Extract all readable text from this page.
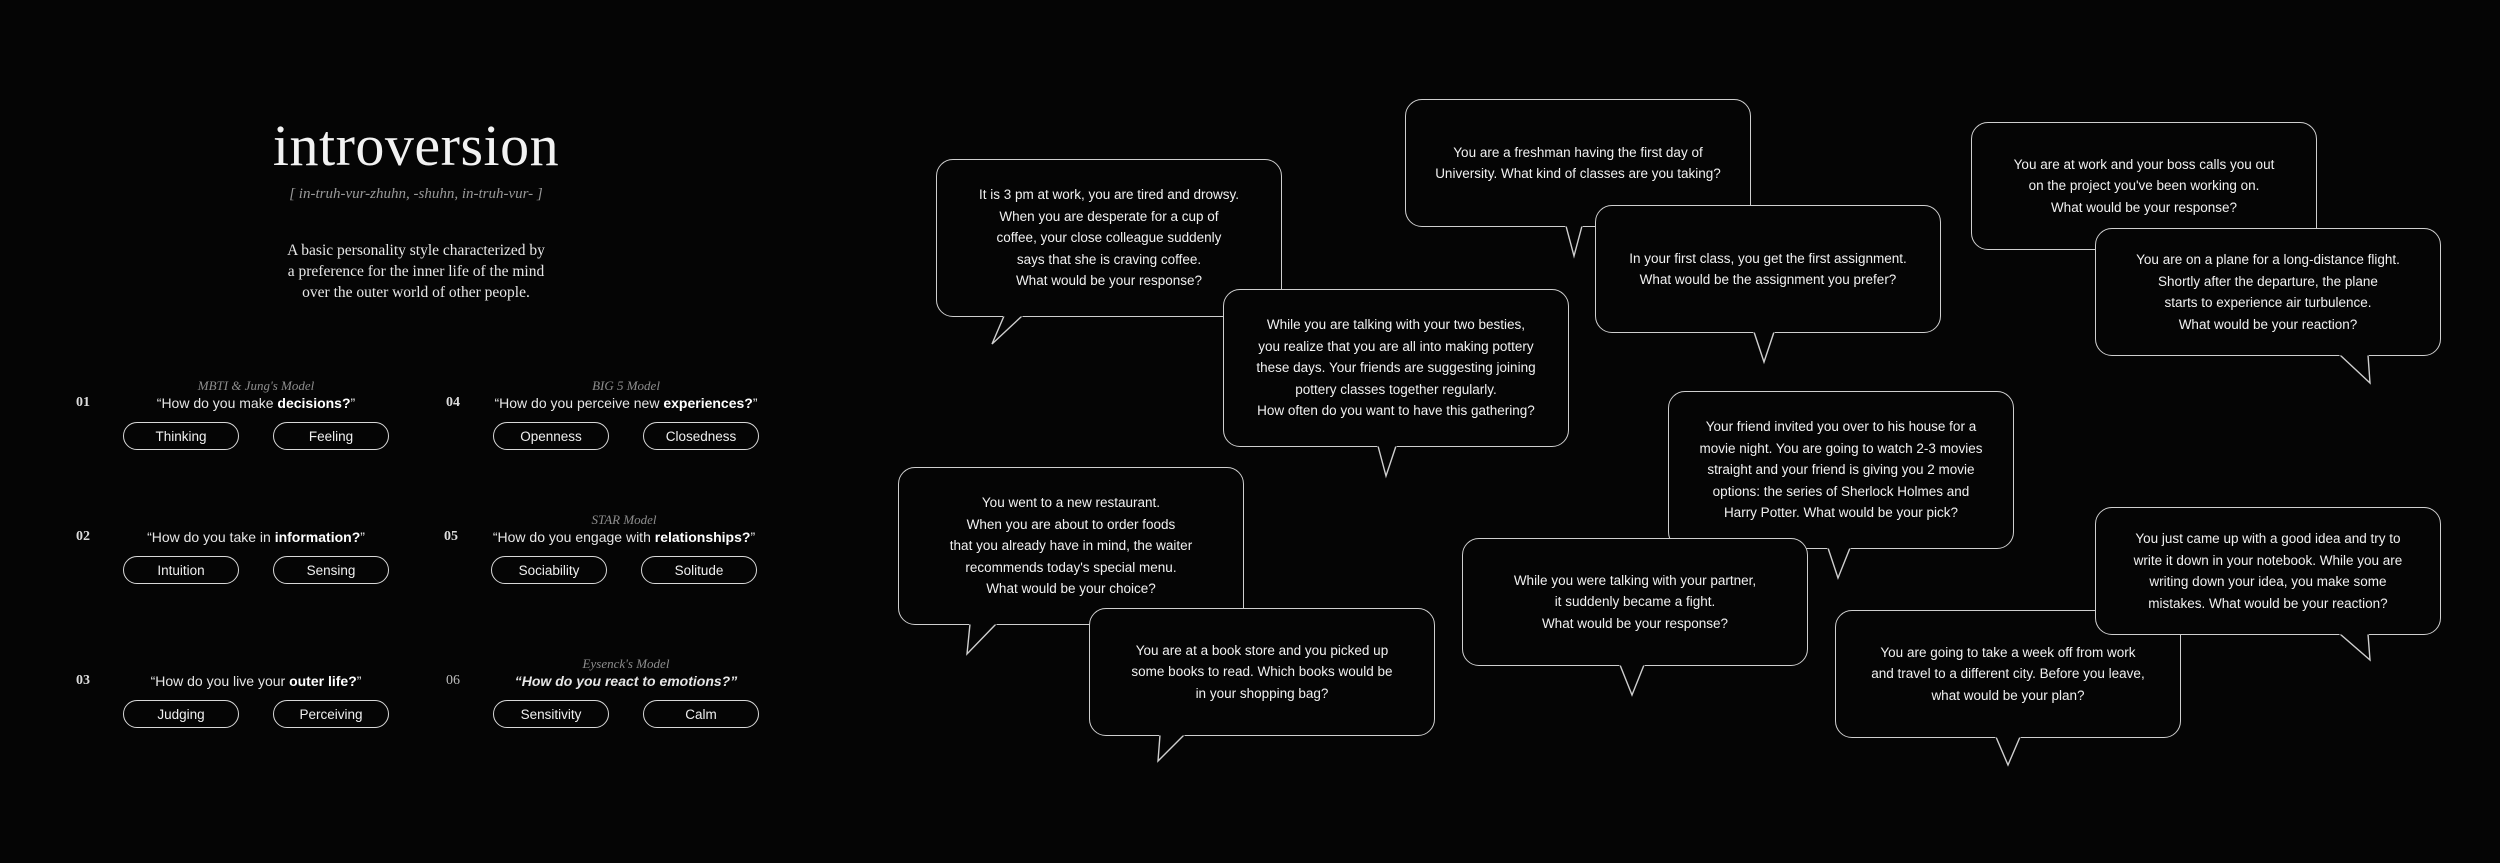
introversion
[ in-truh-vur-zhuhn, -shuhn, in-truh-vur- ]
A basic personality style characterized by
a preference for the inner life of the mind
over the outer world of other people.
01
MBTI & Jung's Model
“How do you make decisions?”
Thinking	Feeling
02	“How do you take in information?”
Intuition	Sensing
03	“How do you live your outer life?”
Judging	Perceiving
04
BIG 5 Model
“How do you perceive new experiences?”
Openness	Closedness
05
STAR Model
“How do you engage with relationships?”
Sociability	Solitude
06
Eysenck's Model
“How do you react to emotions?”
Sensitivity	Calm
It is 3 pm at work, you are tired and drowsy.
When you are desperate for a cup of
coffee, your close colleague suddenly
says that she is craving coffee.
What would be your response?
While you are talking with your two besties,
you realize that you are all into making pottery
these days. Your friends are suggesting joining
pottery classes together regularly.
How often do you want to have this gathering?
You went to a new restaurant.
When you are about to order foods
that you already have in mind, the waiter
recommends today's special menu.
What would be your choice?
You are at a book store and you picked up
some books to read. Which books would be
in your shopping bag?
You are a freshman having the first day of
University. What kind of classes are you taking?
In your first class, you get the first assignment.
What would be the assignment you prefer?
Your friend invited you over to his house for a
movie night. You are going to watch 2-3 movies
straight and your friend is giving you 2 movie
options: the series of Sherlock Holmes and
Harry Potter. What would be your pick?
While you were talking with your partner,
it suddenly became a fight.
What would be your response?
You are at work and your boss calls you out
on the project you've been working on.
What would be your response?
You are on a plane for a long-distance flight.
Shortly after the departure, the plane
starts to experience air turbulence.
What would be your reaction?
You are going to take a week off from work
and travel to a different city. Before you leave,
what would be your plan?
You just came up with a good idea and try to
write it down in your notebook. While you are
writing down your idea, you make some
mistakes. What would be your reaction?
